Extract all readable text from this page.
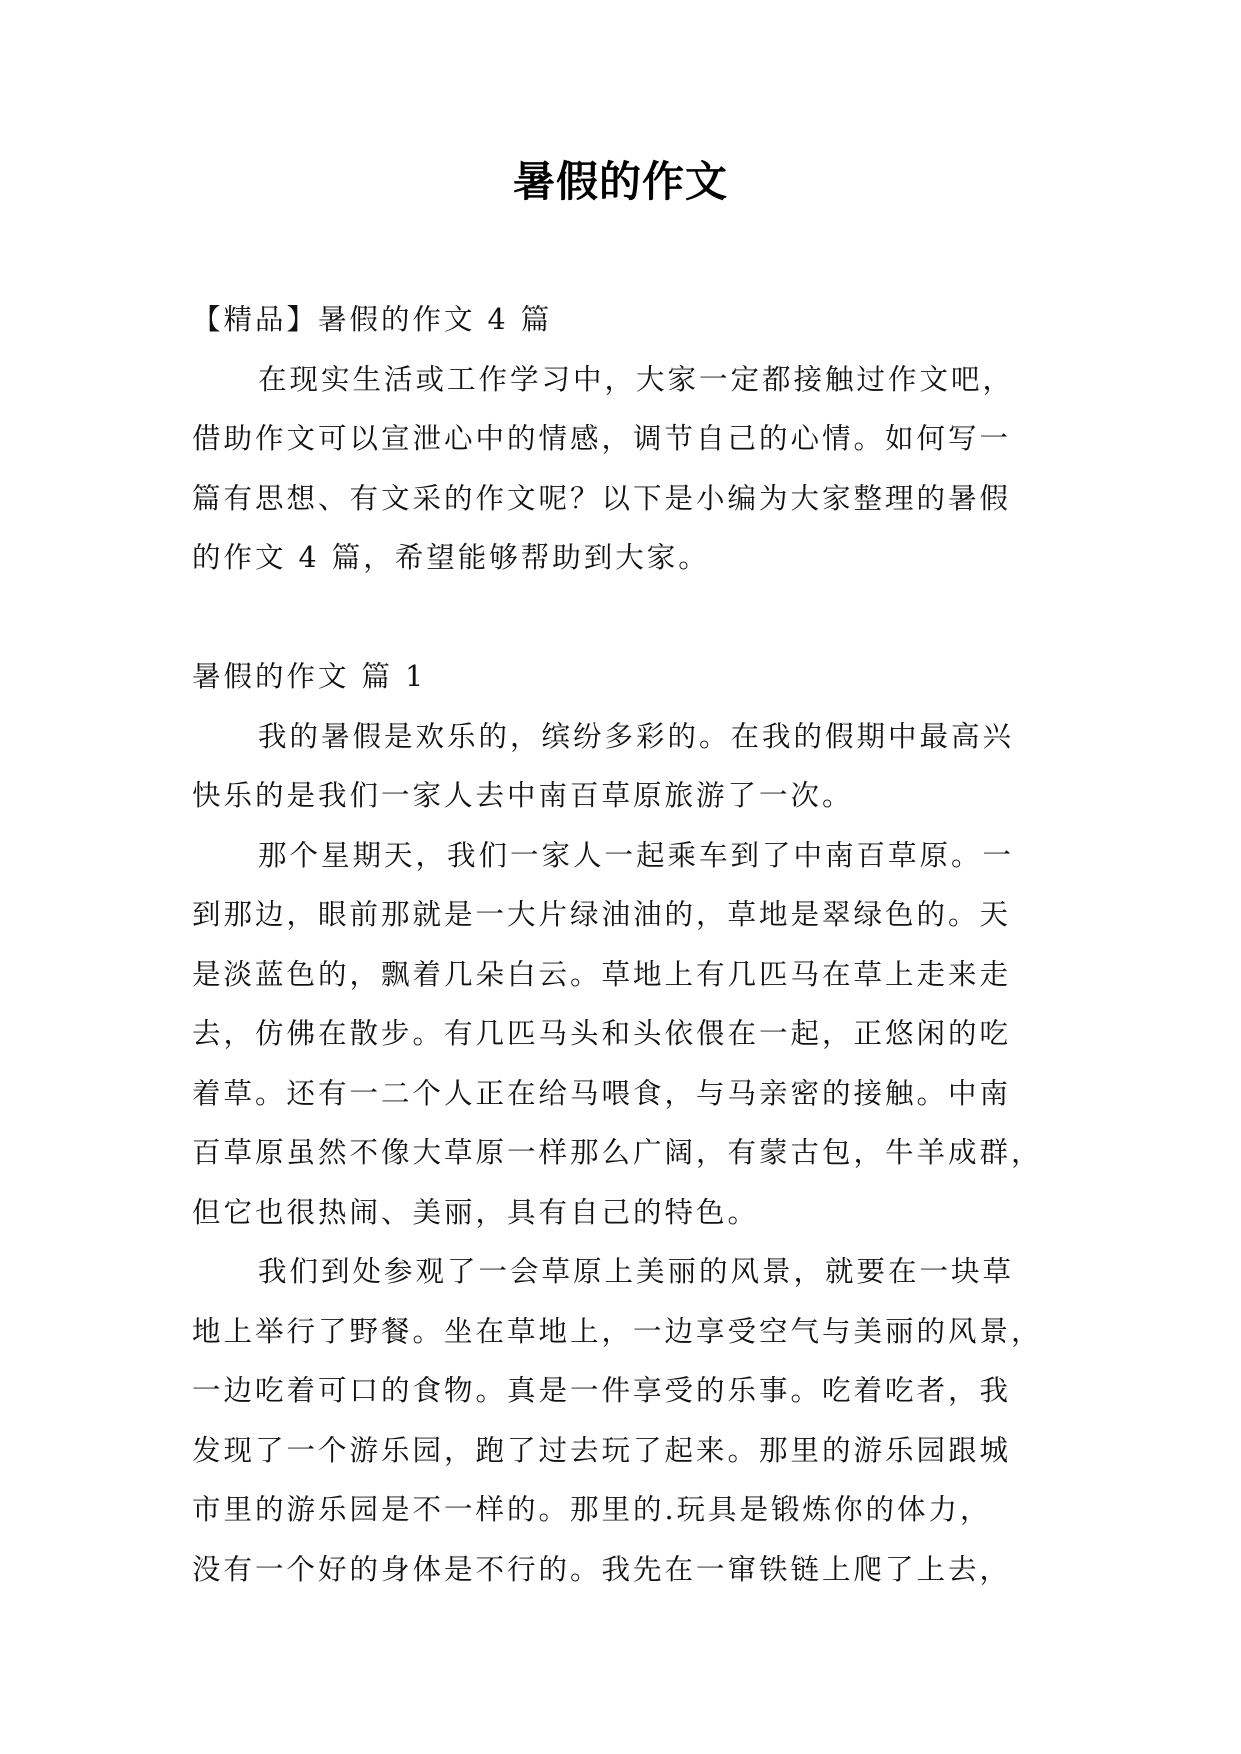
暑假的作文
【精品】暑假的作文 4 篇
在现实生活或工作学习中，大家一定都接触过作文吧，
借助作文可以宣泄心中的情感，调节自己的心情。如何写一
篇有思想、有文采的作文呢？以下是小编为大家整理的暑假
的作文 4 篇，希望能够帮助到大家。
暑假的作文 篇 1
我的暑假是欢乐的，缤纷多彩的。在我的假期中最高兴
快乐的是我们一家人去中南百草原旅游了一次。
那个星期天，我们一家人一起乘车到了中南百草原。一
到那边，眼前那就是一大片绿油油的，草地是翠绿色的。天
是淡蓝色的，飘着几朵白云。草地上有几匹马在草上走来走
去，仿佛在散步。有几匹马头和头依偎在一起，正悠闲的吃
着草。还有一二个人正在给马喂食，与马亲密的接触。中南
百草原虽然不像大草原一样那么广阔，有蒙古包，牛羊成群，
但它也很热闹、美丽，具有自己的特色。
我们到处参观了一会草原上美丽的风景，就要在一块草
地上举行了野餐。坐在草地上，一边享受空气与美丽的风景，
一边吃着可口的食物。真是一件享受的乐事。吃着吃者，我
发现了一个游乐园，跑了过去玩了起来。那里的游乐园跟城
市里的游乐园是不一样的。那里的.玩具是锻炼你的体力，
没有一个好的身体是不行的。我先在一窜铁链上爬了上去，
